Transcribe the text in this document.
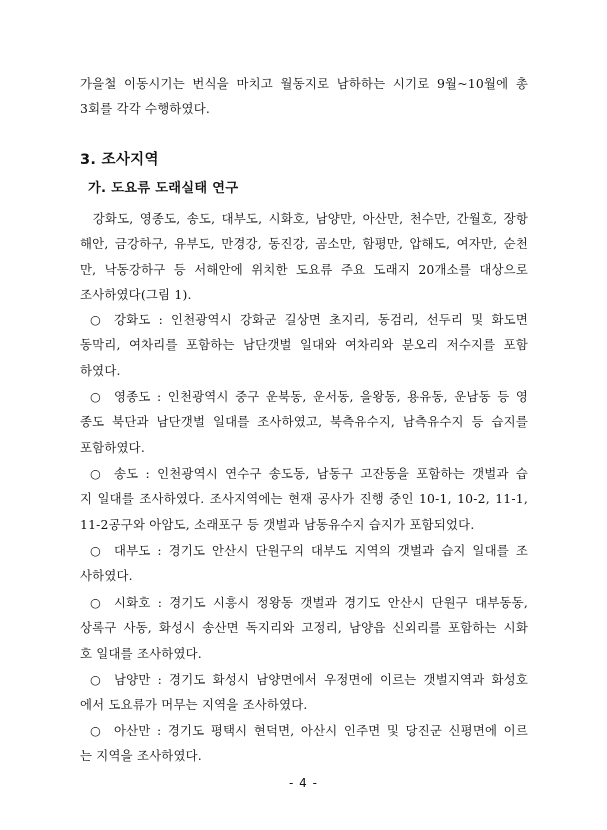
가을철 이동시기는 번식을 마치고 월동지로 남하하는 시기로 9월~10월에 총
3회를 각각 수행하였다.
3. 조사지역
가. 도요류 도래실태 연구
강화도, 영종도, 송도, 대부도, 시화호, 남양만, 아산만, 천수만, 간월호, 장항
해안, 금강하구, 유부도, 만경강, 동진강, 곰소만, 함평만, 압해도, 여자만, 순천
만, 낙동강하구 등 서해안에 위치한 도요류 주요 도래지 20개소를 대상으로
조사하였다(그림 1).
○ 강화도 : 인천광역시 강화군 길상면 초지리, 동검리, 선두리 및 화도면
동막리, 여차리를 포함하는 남단갯벌 일대와 여차리와 분오리 저수지를 포함
하였다.
○ 영종도 : 인천광역시 중구 운북동, 운서동, 을왕동, 용유동, 운남동 등 영
종도 북단과 남단갯벌 일대를 조사하였고, 북측유수지, 남측유수지 등 습지를
포함하였다.
○ 송도 : 인천광역시 연수구 송도동, 남동구 고잔동을 포함하는 갯벌과 습
지 일대를 조사하였다. 조사지역에는 현재 공사가 진행 중인 10-1, 10-2, 11-1,
11-2공구와 아암도, 소래포구 등 갯벌과 남동유수지 습지가 포함되었다.
○ 대부도 : 경기도 안산시 단원구의 대부도 지역의 갯벌과 습지 일대를 조
사하였다.
○ 시화호 : 경기도 시흥시 정왕동 갯벌과 경기도 안산시 단원구 대부동동,
상록구 사동, 화성시 송산면 독지리와 고정리, 남양읍 신외리를 포함하는 시화
호 일대를 조사하였다.
○ 남양만 : 경기도 화성시 남양면에서 우정면에 이르는 갯벌지역과 화성호
에서 도요류가 머무는 지역을 조사하였다.
○ 아산만 : 경기도 평택시 현덕면, 아산시 인주면 및 당진군 신평면에 이르
는 지역을 조사하였다.
- 4 -
